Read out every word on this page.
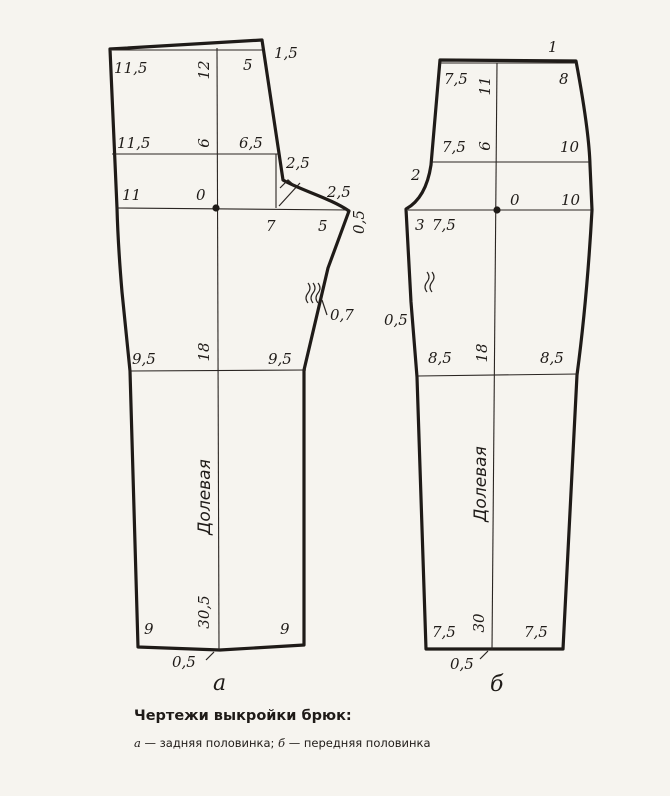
11,5	12 5
1,5
11,5	6 6,5
2,5
11	0
7	5
2,5
0,5
0,7
9,5	18	9,5
Долевая
9
30,5
9
0,5
а
1
7,5 11	8
7,5 6	10
2
3 7,5
0	10
0,5
8,5 18	8,5
Долевая
7,5 30 7,5
0,5
б

Чертежи выкройки брюк:

а — задняя половинка; б — передняя половинка
